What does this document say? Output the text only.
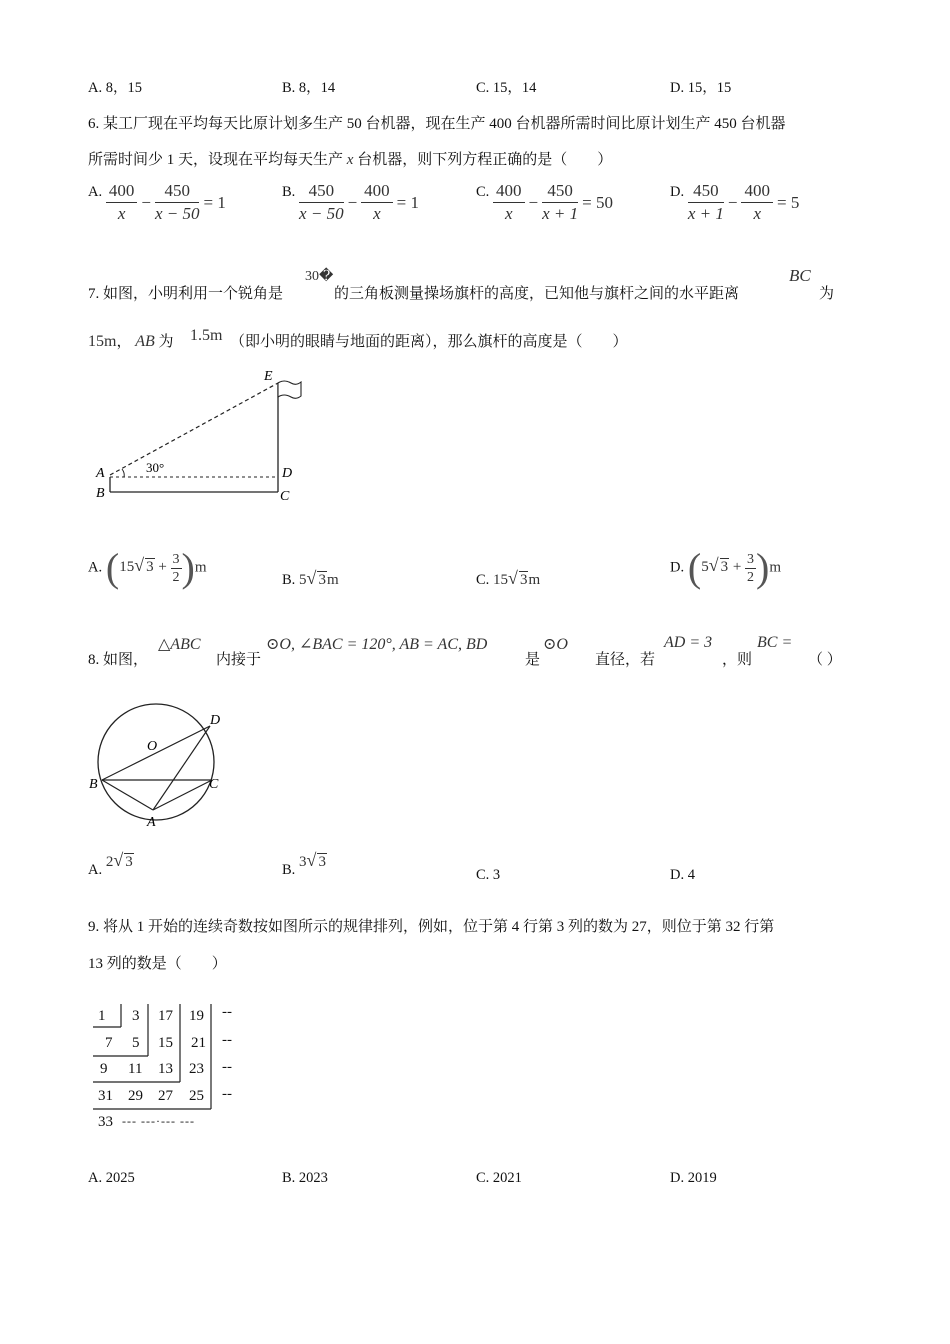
A. 8，15	B. 8，14	C. 15，14	D. 15，15
6. 某工厂现在平均每天比原计划多生产 50 台机器，现在生产 400 台机器所需时间比原计划生产 450 台机器
所需时间少 1 天，设现在平均每天生产 x 台机器，则下列方程正确的是（　　）
A. $\frac{400}{x} - \frac{450}{x - 50} = 1$
B. $\frac{450}{x - 50} - \frac{400}{x} = 1$
C. $\frac{400}{x} - \frac{450}{x + 1} = 50$
D. $\frac{450}{x + 1} - \frac{400}{x} = 5$
7. 如图，小明利用一个锐角是
30�
的三角板测量操场旗杆的高度，已知他与旗杆之间的水平距离
BC
为
15m， AB 为 1.5m （即小明的眼睛与地面的距离），那么旗杆的高度是（　　）
E
A	30°	D
B	C
A. (15√ $3 + \frac{3}{2} )m$
B. 5√ 3m	C. 15√ 3m
D. (5√ $3 + \frac{3}{2} )m$
8. 如图，
△ABC
内接于
⊙O, ∠BAC = 120°, AB = AC, BD
是
⊙O
直径，若
AD = 3
，则
BC =
（ ）
O
D
B	C
A
A. 2√ 3	B. 3√ 3
C. 3	D. 4
9. 将从 1 开始的连续奇数按如图所示的规律排列，例如，位于第 4 行第 3 列的数为 27，则位于第 32 行第
13 列的数是（　　）
1 3 17 19 --
7 5 15 21 --
9 11 13 23 --
31 29 27 25 --
33 --- ---·--- ---
A. 2025	B. 2023	C. 2021	D. 2019
